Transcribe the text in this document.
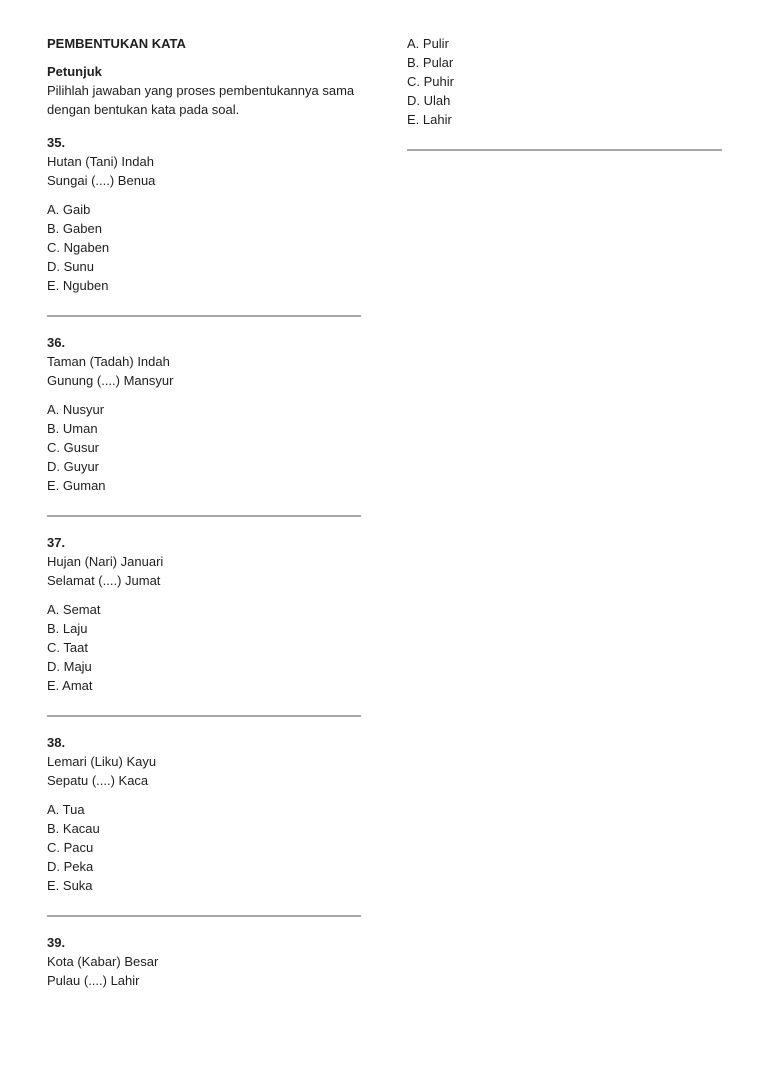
PEMBENTUKAN KATA
Petunjuk
Pilihlah jawaban yang proses pembentukannya sama dengan bentukan kata pada soal.
35.
Hutan (Tani) Indah
Sungai (....) Benua
A. Gaib
B. Gaben
C. Ngaben
D. Sunu
E. Nguben
36.
Taman (Tadah) Indah
Gunung (....) Mansyur
A. Nusyur
B. Uman
C. Gusur
D. Guyur
E. Guman
37.
Hujan (Nari) Januari
Selamat (....) Jumat
A. Semat
B. Laju
C. Taat
D. Maju
E. Amat
38.
Lemari (Liku) Kayu
Sepatu (....) Kaca
A. Tua
B. Kacau
C. Pacu
D. Peka
E. Suka
39.
Kota (Kabar) Besar
Pulau (....) Lahir
A. Pulir
B. Pular
C. Puhir
D. Ulah
E. Lahir
